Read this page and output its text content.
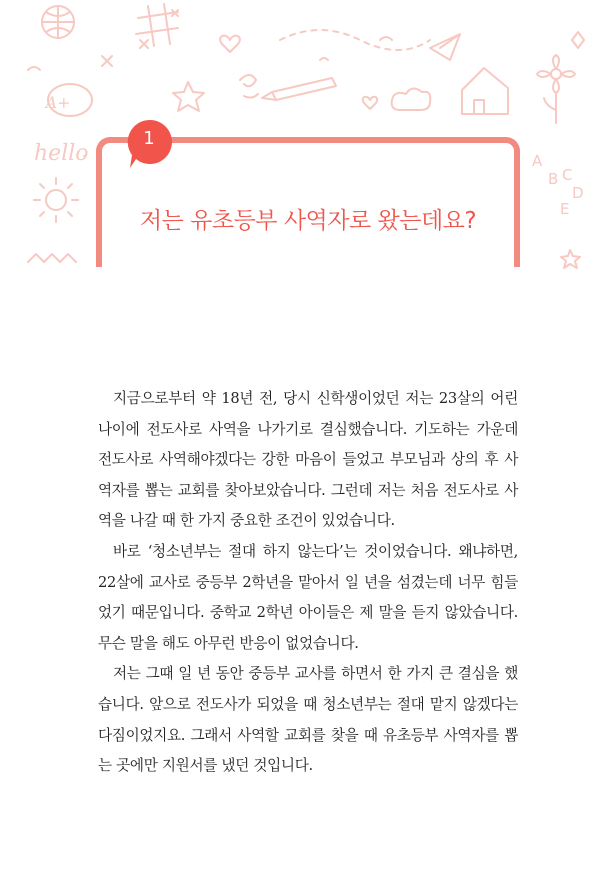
A+
hello	A
B C
D
E
1
저는 유초등부 사역자로 왔는데요?

지금으로부터 약 18년 전, 당시 신학생이었던 저는 23살의 어린 나이에 전도사로 사역을 나가기로 결심했습니다. 기도하는 가운데 전도사로 사역해야겠다는 강한 마음이 들었고 부모님과 상의 후 사역자를 뽑는 교회를 찾아보았습니다. 그런데 저는 처음 전도사로 사역을 나갈 때 한 가지 중요한 조건이 있었습니다.

바로 ‘청소년부는 절대 하지 않는다’는 것이었습니다. 왜냐하면, 22살에 교사로 중등부 2학년을 맡아서 일 년을 섬겼는데 너무 힘들었기 때문입니다. 중학교 2학년 아이들은 제 말을 듣지 않았습니다. 무슨 말을 해도 아무런 반응이 없었습니다.

저는 그때 일 년 동안 중등부 교사를 하면서 한 가지 큰 결심을 했습니다. 앞으로 전도사가 되었을 때 청소년부는 절대 맡지 않겠다는 다짐이었지요. 그래서 사역할 교회를 찾을 때 유초등부 사역자를 뽑는 곳에만 지원서를 냈던 것입니다.
